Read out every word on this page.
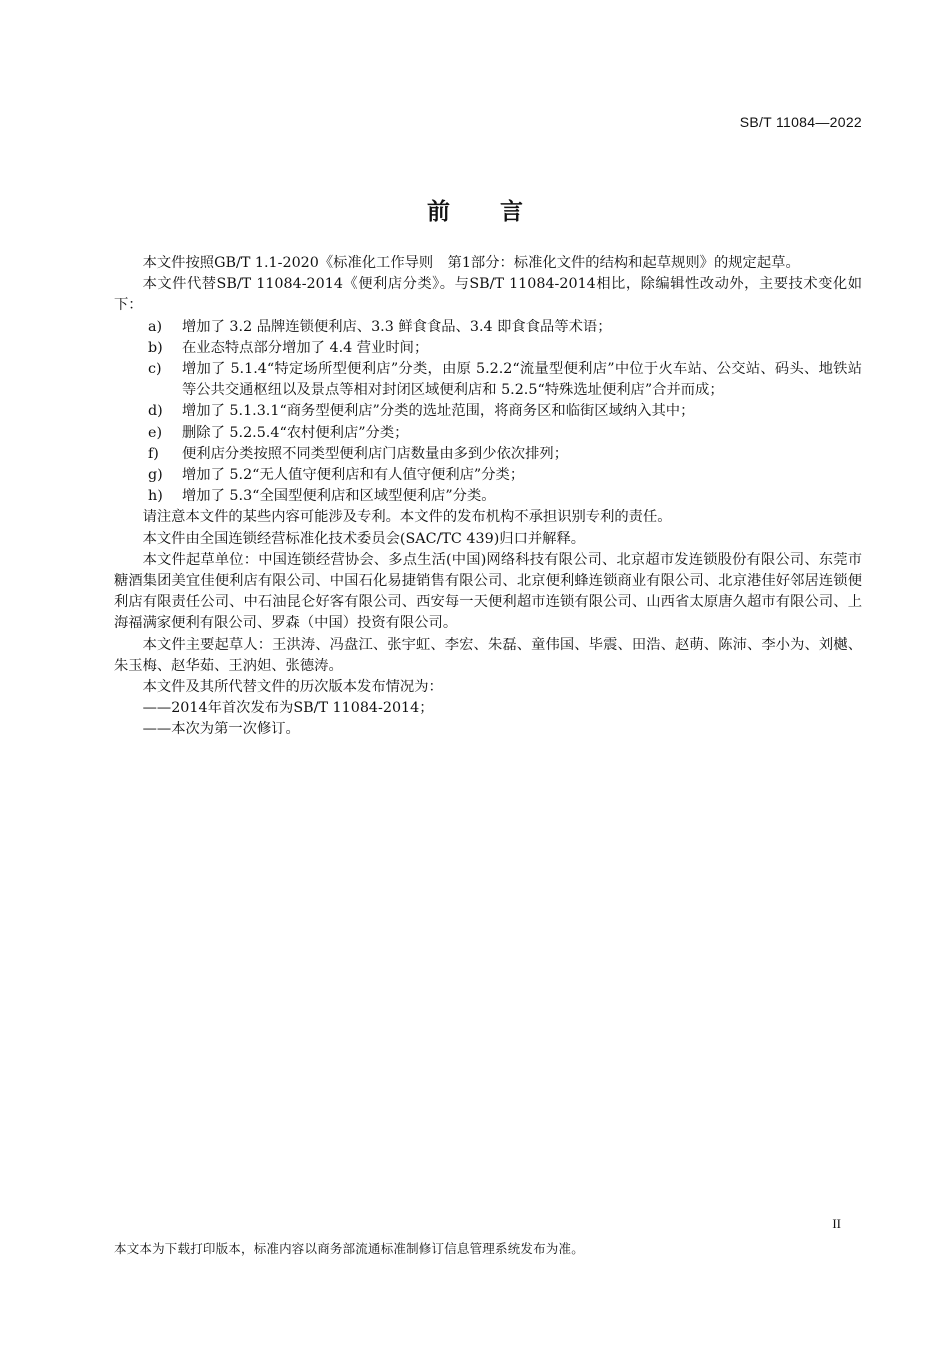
SB/T 11084—2022
前言

本文件按照GB/T 1.1-2020《标准化工作导则　第1部分：标准化文件的结构和起草规则》的规定起草。

本文件代替SB/T 11084-2014《便利店分类》。与SB/T 11084-2014相比，除编辑性改动外，主要技术变化如下：

a) 增加了 3.2 品牌连锁便利店、3.3 鲜食食品、3.4 即食食品等术语；
b) 在业态特点部分增加了 4.4 营业时间；
c) 增加了 5.1.4“特定场所型便利店”分类，由原 5.2.2“流量型便利店”中位于火车站、公交站、码头、地铁站等公共交通枢纽以及景点等相对封闭区域便利店和 5.2.5“特殊选址便利店”合并而成；
d) 增加了 5.1.3.1“商务型便利店”分类的选址范围，将商务区和临街区域纳入其中；
e) 删除了 5.2.5.4“农村便利店”分类；
f) 便利店分类按照不同类型便利店门店数量由多到少依次排列；
g) 增加了 5.2“无人值守便利店和有人值守便利店”分类；
h) 增加了 5.3“全国型便利店和区域型便利店”分类。

请注意本文件的某些内容可能涉及专利。本文件的发布机构不承担识别专利的责任。

本文件由全国连锁经营标准化技术委员会(SAC/TC 439)归口并解释。

本文件起草单位：中国连锁经营协会、多点生活(中国)网络科技有限公司、北京超市发连锁股份有限公司、东莞市糖酒集团美宜佳便利店有限公司、中国石化易捷销售有限公司、北京便利蜂连锁商业有限公司、北京港佳好邻居连锁便利店有限责任公司、中石油昆仑好客有限公司、西安每一天便利超市连锁有限公司、山西省太原唐久超市有限公司、上海福满家便利有限公司、罗森（中国）投资有限公司。

本文件主要起草人：王洪涛、冯盘江、张宇虹、李宏、朱磊、童伟国、毕震、田浩、赵萌、陈沛、李小为、刘樾、朱玉梅、赵华茹、王汭妲、张德涛。

本文件及其所代替文件的历次版本发布情况为：

——2014年首次发布为SB/T 11084-2014；

——本次为第一次修订。

II
本文本为下载打印版本，标准内容以商务部流通标准制修订信息管理系统发布为准。
